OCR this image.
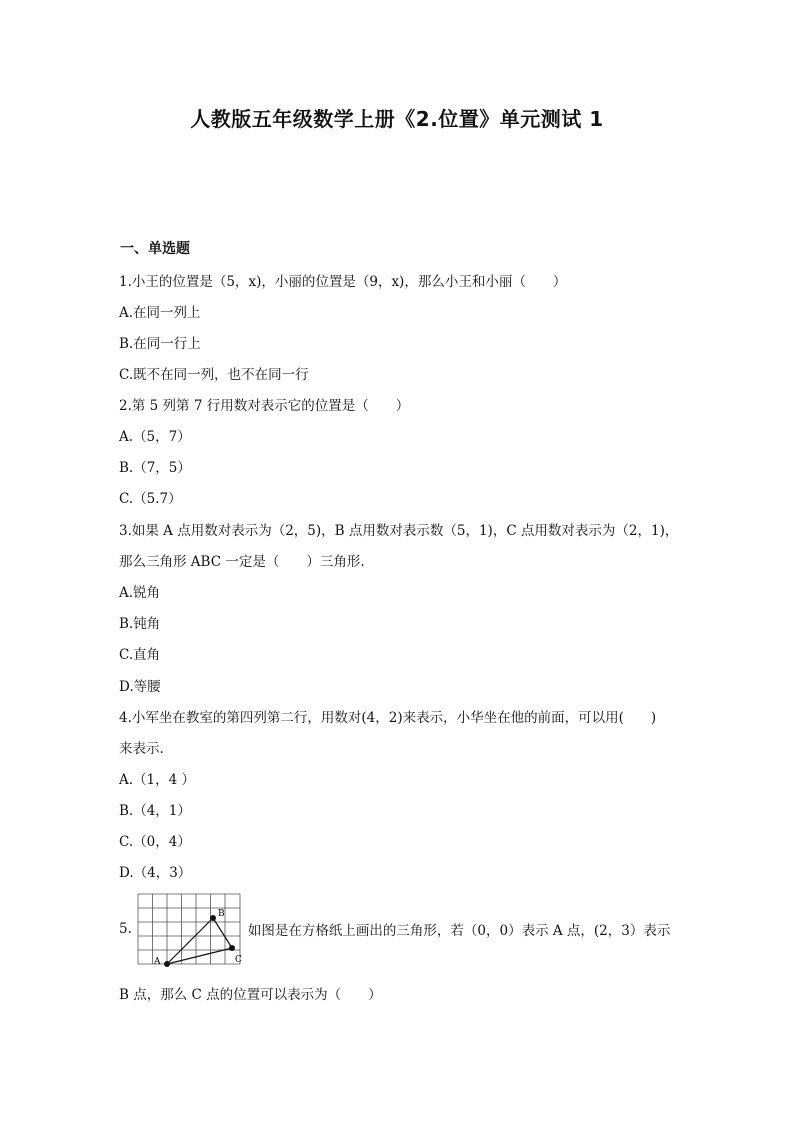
人教版五年级数学上册《2.位置》单元测试 1
一、单选题
1.小王的位置是（5，x)，小丽的位置是（9，x)，那么小王和小丽（　　）
A.在同一列上
B.在同一行上
C.既不在同一列，也不在同一行
2.第 5 列第 7 行用数对表示它的位置是（　　）
A.（5，7）
B.（7，5）
C.（5.7）
3.如果 A 点用数对表示为（2，5)，B 点用数对表示数（5，1)，C 点用数对表示为（2，1)，
那么三角形 ABC 一定是（　　）三角形.
A.锐角
B.钝角
C.直角
D.等腰
4.小军坐在教室的第四列第二行，用数对(4，2)来表示，小华坐在他的前面，可以用(　　)
来表示.
A.（1，4 ）
B.（4，1）
C.（0，4）
D.（4，3）
5.
A
B
C
如图是在方格纸上画出的三角形，若（0，0）表示 A 点，(2，3）表示
B 点，那么 C 点的位置可以表示为（　　）
